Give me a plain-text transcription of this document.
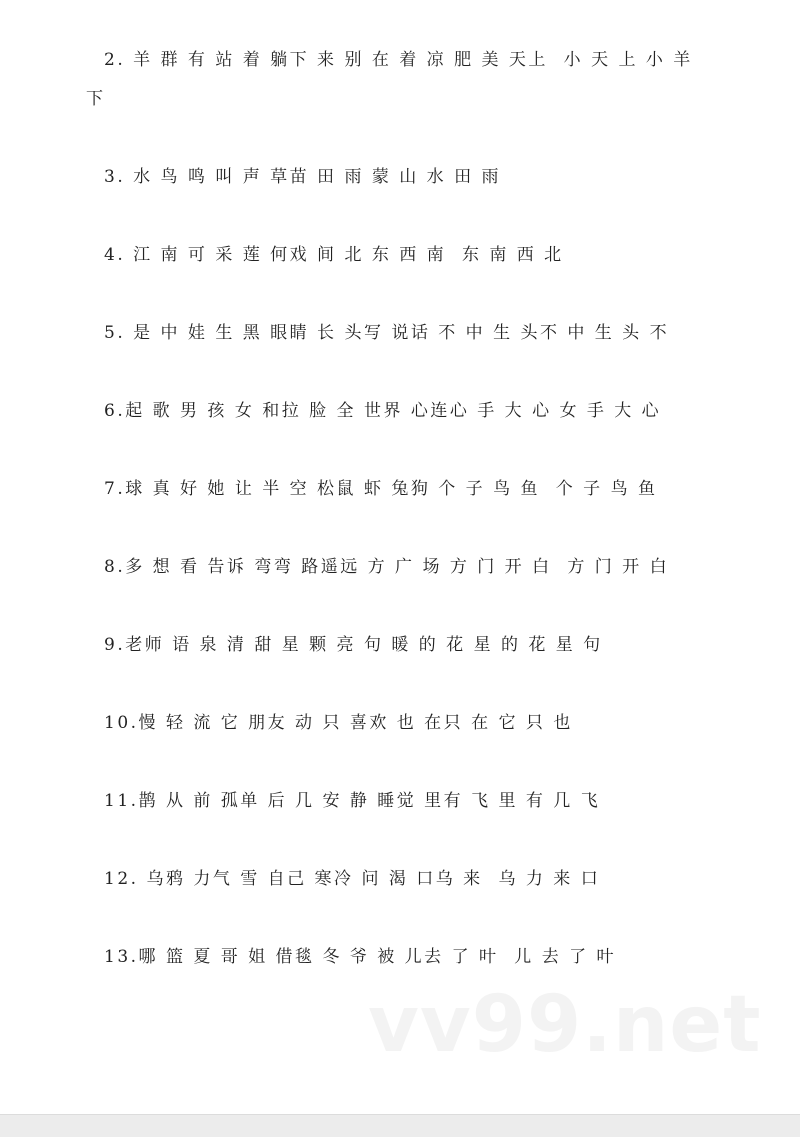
2. 羊 群 有 站 着 躺下 来 别 在 着 凉 肥 美 天上  小 天 上 小 羊
下
3. 水 鸟 鸣 叫 声 草苗 田 雨 蒙 山 水 田 雨
4. 江 南 可 采 莲 何戏 间 北 东 西 南  东 南 西 北
5. 是 中 娃 生 黑 眼睛 长 头写 说话 不 中 生 头不 中 生 头 不
6.起 歌 男 孩 女 和拉 脸 全 世界 心连心 手 大 心 女 手 大 心
7.球 真 好 她 让 半 空 松鼠 虾 兔狗 个 子 鸟 鱼  个 子 鸟 鱼
8.多 想 看 告诉 弯弯 路遥远 方 广 场 方 门 开 白  方 门 开 白
9.老师 语 泉 清 甜 星 颗 亮 句 暖 的 花 星 的 花 星 句
10.慢 轻 流 它 朋友 动 只 喜欢 也 在只 在 它 只 也
11.鹊 从 前 孤单 后 几 安 静 睡觉 里有 飞 里 有 几 飞
12. 乌鸦 力气 雪 自己 寒冷 问 渴 口乌 来  乌 力 来 口
13.哪 篮 夏 哥 姐 借毯 冬 爷 被 儿去 了 叶  儿 去 了 叶
vv99.net
